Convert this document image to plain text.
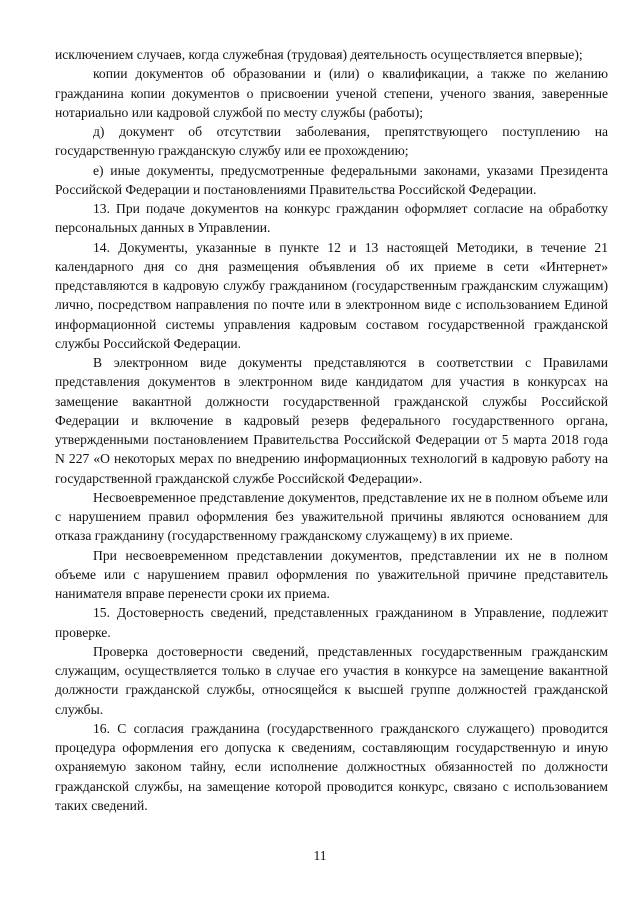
исключением случаев, когда служебная (трудовая) деятельность осуществляется впервые);

копии документов об образовании и (или) о квалификации, а также по желанию гражданина копии документов о присвоении ученой степени, ученого звания, заверенные нотариально или кадровой службой по месту службы (работы);

д) документ об отсутствии заболевания, препятствующего поступлению на государственную гражданскую службу или ее прохождению;

е) иные документы, предусмотренные федеральными законами, указами Президента Российской Федерации и постановлениями Правительства Российской Федерации.

13. При подаче документов на конкурс гражданин оформляет согласие на обработку персональных данных в Управлении.

14. Документы, указанные в пункте 12 и 13 настоящей Методики, в течение 21 календарного дня со дня размещения объявления об их приеме в сети «Интернет» представляются в кадровую службу гражданином (государственным гражданским служащим) лично, посредством направления по почте или в электронном виде с использованием Единой информационной системы управления кадровым составом государственной гражданской службы Российской Федерации.

В электронном виде документы представляются в соответствии с Правилами представления документов в электронном виде кандидатом для участия в конкурсах на замещение вакантной должности государственной гражданской службы Российской Федерации и включение в кадровый резерв федерального государственного органа, утвержденными постановлением Правительства Российской Федерации от 5 марта 2018 года N 227 «О некоторых мерах по внедрению информационных технологий в кадровую работу на государственной гражданской службе Российской Федерации».

Несвоевременное представление документов, представление их не в полном объеме или с нарушением правил оформления без уважительной причины являются основанием для отказа гражданину (государственному гражданскому служащему) в их приеме.

При несвоевременном представлении документов, представлении их не в полном объеме или с нарушением правил оформления по уважительной причине представитель нанимателя вправе перенести сроки их приема.

15. Достоверность сведений, представленных гражданином в Управление, подлежит проверке.

Проверка достоверности сведений, представленных государственным гражданским служащим, осуществляется только в случае его участия в конкурсе на замещение вакантной должности гражданской службы, относящейся к высшей группе должностей гражданской службы.

16. С согласия гражданина (государственного гражданского служащего) проводится процедура оформления его допуска к сведениям, составляющим государственную и иную охраняемую законом тайну, если исполнение должностных обязанностей по должности гражданской службы, на замещение которой проводится конкурс, связано с использованием таких сведений.

11
